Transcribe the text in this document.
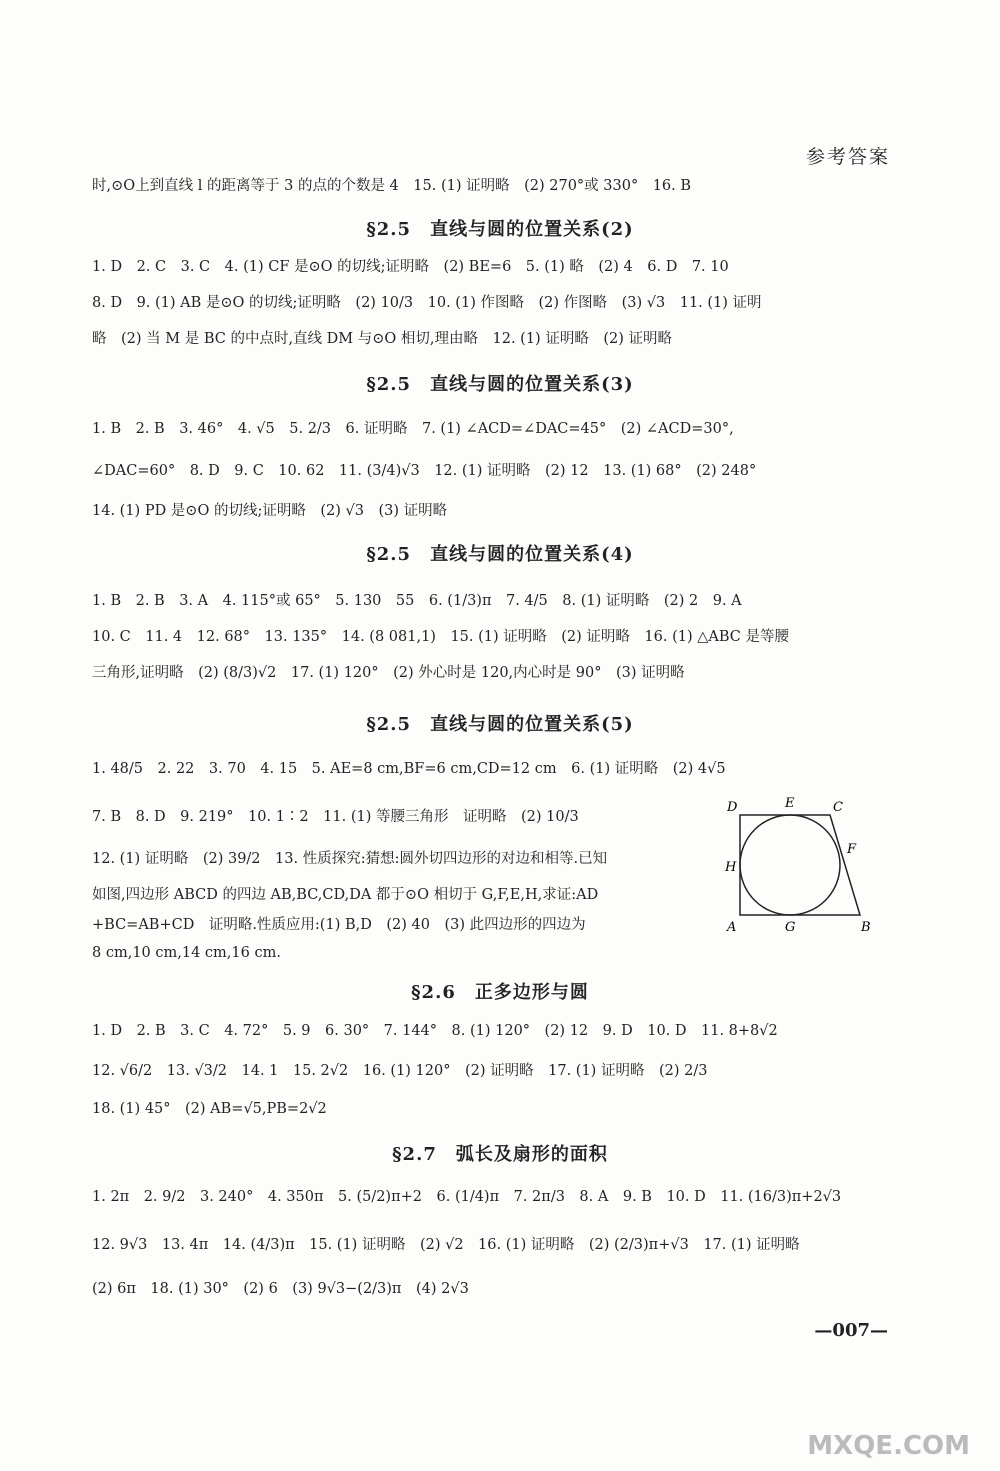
参考答案
时,⊙O上到直线 l 的距离等于 3 的点的个数是 4　15. (1) 证明略　(2) 270°或 330°　16. B
§2.5　直线与圆的位置关系(2)
1. D　2. C　3. C　4. (1) CF 是⊙O 的切线;证明略　(2) BE=6　5. (1) 略　(2) 4　6. D　7. 10
8. D　9. (1) AB 是⊙O 的切线;证明略　(2) 10/3　10. (1) 作图略　(2) 作图略　(3) √3　11. (1) 证明
略　(2) 当 M 是 BC 的中点时,直线 DM 与⊙O 相切,理由略　12. (1) 证明略　(2) 证明略
§2.5　直线与圆的位置关系(3)
1. B　2. B　3. 46°　4. √5　5. 2/3　6. 证明略　7. (1) ∠ACD=∠DAC=45°　(2) ∠ACD=30°,
∠DAC=60°　8. D　9. C　10. 62　11. (3/4)√3　12. (1) 证明略　(2) 12　13. (1) 68°　(2) 248°
14. (1) PD 是⊙O 的切线;证明略　(2) √3　(3) 证明略
§2.5　直线与圆的位置关系(4)
1. B　2. B　3. A　4. 115°或 65°　5. 130　55　6. (1/3)π　7. 4/5　8. (1) 证明略　(2) 2　9. A
10. C　11. 4　12. 68°　13. 135°　14. (8 081,1)　15. (1) 证明略　(2) 证明略　16. (1) △ABC 是等腰
三角形,证明略　(2) (8/3)√2　17. (1) 120°　(2) 外心时是 120,内心时是 90°　(3) 证明略
§2.5　直线与圆的位置关系(5)
1. 48/5　2. 22　3. 70　4. 15　5. AE=8 cm,BF=6 cm,CD=12 cm　6. (1) 证明略　(2) 4√5
7. B　8. D　9. 219°　10. 1∶2　11. (1) 等腰三角形　证明略　(2) 10/3
12. (1) 证明略　(2) 39/2　13. 性质探究:猜想:圆外切四边形的对边和相等.已知
如图,四边形 ABCD 的四边 AB,BC,CD,DA 都于⊙O 相切于 G,F,E,H,求证:AD
+BC=AB+CD　证明略.性质应用:(1) B,D　(2) 40　(3) 此四边形的四边为
8 cm,10 cm,14 cm,16 cm.
D	E	C
F
H
A	G	B
§2.6　正多边形与圆
1. D　2. B　3. C　4. 72°　5. 9　6. 30°　7. 144°　8. (1) 120°　(2) 12　9. D　10. D　11. 8+8√2
12. √6/2　13. √3/2　14. 1　15. 2√2　16. (1) 120°　(2) 证明略　17. (1) 证明略　(2) 2/3
18. (1) 45°　(2) AB=√5,PB=2√2
§2.7　弧长及扇形的面积
1. 2π　2. 9/2　3. 240°　4. 350π　5. (5/2)π+2　6. (1/4)π　7. 2π/3　8. A　9. B　10. D　11. (16/3)π+2√3
12. 9√3　13. 4π　14. (4/3)π　15. (1) 证明略　(2) √2　16. (1) 证明略　(2) (2/3)π+√3　17. (1) 证明略
(2) 6π　18. (1) 30°　(2) 6　(3) 9√3−(2/3)π　(4) 2√3
—007—
MXQE.COM
